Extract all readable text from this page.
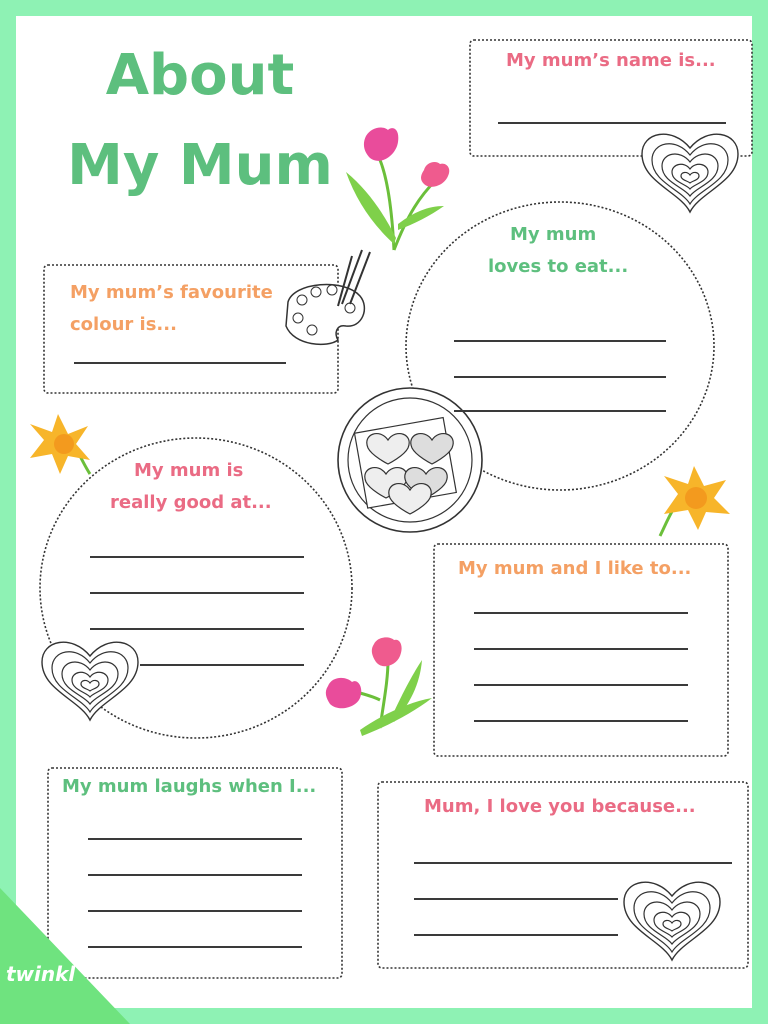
About
My Mum

My mum’s name is...

My mum’s favourite

colour is...

My mum

loves to eat...

My mum is

really good at...

My mum and I like to...

My mum laughs when I...

Mum, I love you because...

twinkl
